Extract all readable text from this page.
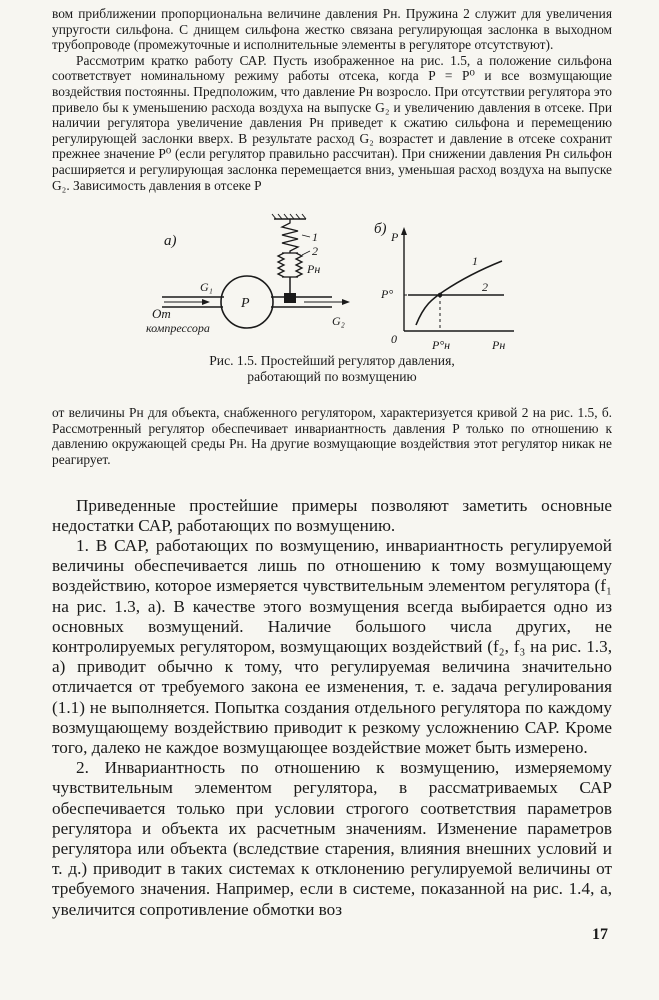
вом приближении пропорциональна величине давления Pн. Пружина 2 служит для увеличения упругости сильфона. С днищем сильфона жестко связана регулирующая заслонка в выходном трубопроводе (промежуточные и исполнительные элементы в регуляторе отсутствуют).

Рассмотрим кратко работу САР. Пусть изображенное на рис. 1.5, а положение сильфона соответствует номинальному режиму работы отсека, когда P = P⁰ и все возмущающие воздействия постоянны. Предположим, что давление Pн возросло. При отсутствии регулятора это привело бы к уменьшению расхода воздуха на выпуске G₂ и увеличению давления в отсеке. При наличии регулятора увеличение давления Pн приведет к сжатию сильфона и перемещению регулирующей заслонки вверх. В результате расход G₂ возрастет и давление в отсеке сохранит прежнее значение P⁰ (если регулятор правильно рассчитан). При снижении давления Pн сильфон расширяется и регулирующая заслонка перемещается вниз, уменьшая расход воздуха на выпуске G₂. Зависимость давления в отсеке P

а)	1
2
Pн
P
G₁
От
компрессора	G₂
б) P
P°
0	P°н	Pн
1
2
Рис. 1.5. Простейший регулятор давления, работающий по возмущению

от величины Pн для объекта, снабженного регулятором, характеризуется кривой 2 на рис. 1.5, б. Рассмотренный регулятор обеспечивает инвариантность давления P только по отношению к давлению окружающей среды Pн. На другие возмущающие воздействия этот регулятор никак не реагирует.

Приведенные простейшие примеры позволяют заметить основные недостатки САР, работающих по возмущению.

1. В САР, работающих по возмущению, инвариантность регулируемой величины обеспечивается лишь по отношению к тому возмущающему воздействию, которое измеряется чувствительным элементом регулятора (f₁ на рис. 1.3, а). В качестве этого возмущения всегда выбирается одно из основных возмущений. Наличие большого числа других, не контролируемых регулятором, возмущающих воздействий (f₂, f₃ на рис. 1.3, а) приводит обычно к тому, что регулируемая величина значительно отличается от требуемого закона ее изменения, т. е. задача регулирования (1.1) не выполняется. Попытка создания отдельного регулятора по каждому возмущающему воздействию приводит к резкому усложнению САР. Кроме того, далеко не каждое возмущающее воздействие может быть измерено.

2. Инвариантность по отношению к возмущению, измеряемому чувствительным элементом регулятора, в рассматриваемых САР обеспечивается только при условии строгого соответствия параметров регулятора и объекта их расчетным значениям. Изменение параметров регулятора или объекта (вследствие старения, влияния внешних условий и т. д.) приводит в таких системах к отклонению регулируемой величины от требуемого значения. Например, если в системе, показанной на рис. 1.4, а, увеличится сопротивление обмотки воз

17
